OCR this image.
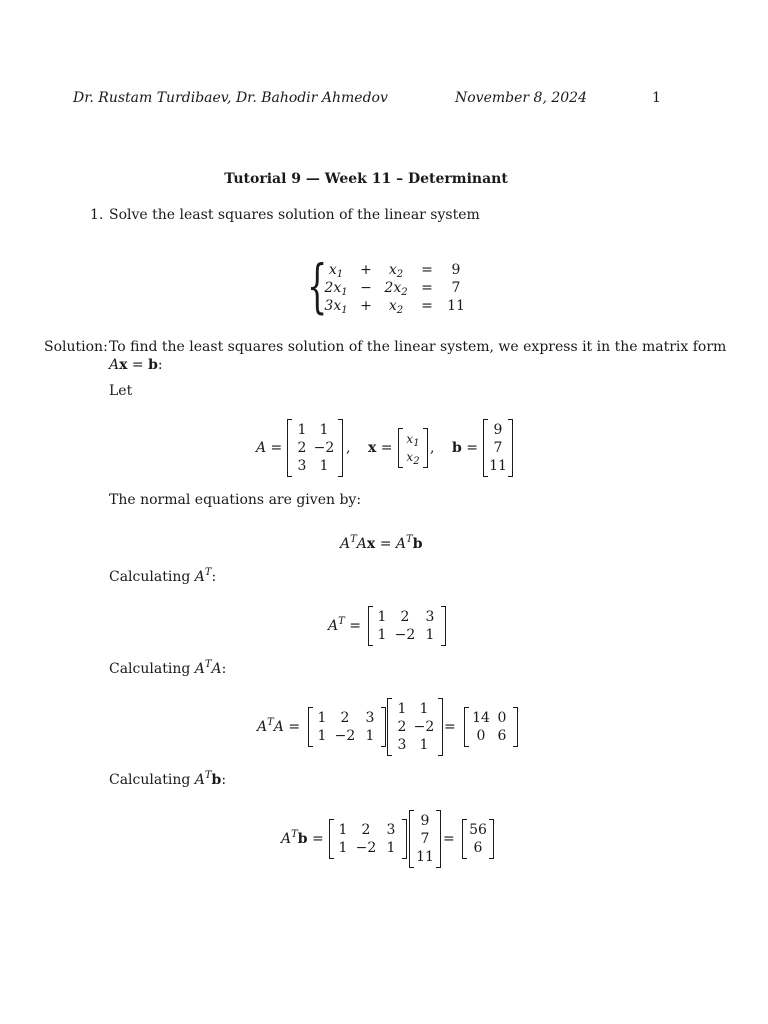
Dr. Rustam Turdibaev, Dr. Bahodir Ahmedov	November 8, 2024	1
Tutorial 9 — Week 11 – Determinant
1. Solve the least squares solution of the linear system
{ $x_1$	+	$x_2$	=	9
$2x_1 - 2x_2$ =	7
$3x_1$ +	$x_2$	=	11
Solution: To find the least squares solution of the linear system, we express it in the matrix form
Ax = b:
Let
A =
1 1
2 −2
3 1
, x =
$x_1$
$x_2$
, b =
9
7
11
The normal equations are given by:
$A^TAx = A^Tb$
Calculating $A^T$:
$A^T$ =
1	2	3
1 −2 1
Calculating $A^TA$:
$A^TA$ =
1	2	3
1 −2 1
1 1
2 −2
3 1
=
14 0
0 6
Calculating $A^Tb$:
$A^Tb$ =
1	2	3
1 −2 1
9
7
11
=
56
6
